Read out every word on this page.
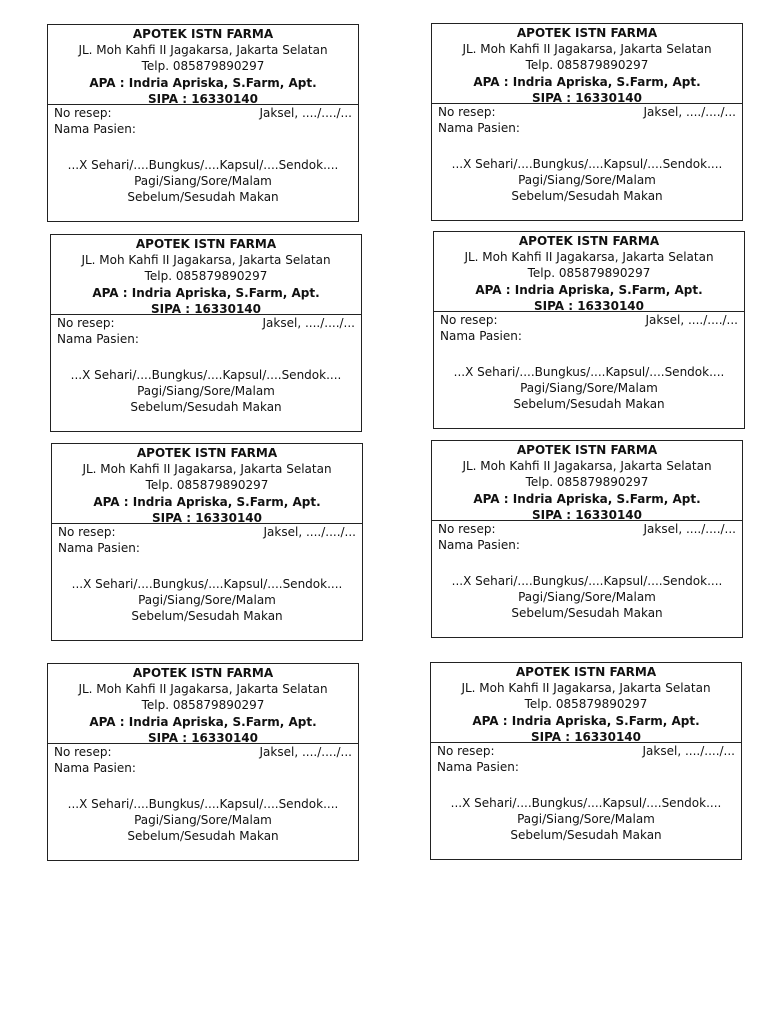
APOTEK ISTN FARMA
JL. Moh Kahfi II Jagakarsa, Jakarta Selatan
Telp. 085879890297
APA : Indria Apriska, S.Farm, Apt.
SIPA : 16330140
No resep:	Jaksel, ..../..../...
Nama Pasien:
...X Sehari/....Bungkus/....Kapsul/....Sendok....
Pagi/Siang/Sore/Malam
Sebelum/Sesudah Makan
APOTEK ISTN FARMA
JL. Moh Kahfi II Jagakarsa, Jakarta Selatan
Telp. 085879890297
APA : Indria Apriska, S.Farm, Apt.
SIPA : 16330140
No resep:	Jaksel, ..../..../...
Nama Pasien:
...X Sehari/....Bungkus/....Kapsul/....Sendok....
Pagi/Siang/Sore/Malam
Sebelum/Sesudah Makan
APOTEK ISTN FARMA
JL. Moh Kahfi II Jagakarsa, Jakarta Selatan
Telp. 085879890297
APA : Indria Apriska, S.Farm, Apt.
SIPA : 16330140
No resep:	Jaksel, ..../..../...
Nama Pasien:
...X Sehari/....Bungkus/....Kapsul/....Sendok....
Pagi/Siang/Sore/Malam
Sebelum/Sesudah Makan
APOTEK ISTN FARMA
JL. Moh Kahfi II Jagakarsa, Jakarta Selatan
Telp. 085879890297
APA : Indria Apriska, S.Farm, Apt.
SIPA : 16330140
No resep:	Jaksel, ..../..../...
Nama Pasien:
...X Sehari/....Bungkus/....Kapsul/....Sendok....
Pagi/Siang/Sore/Malam
Sebelum/Sesudah Makan
APOTEK ISTN FARMA
JL. Moh Kahfi II Jagakarsa, Jakarta Selatan
Telp. 085879890297
APA : Indria Apriska, S.Farm, Apt.
SIPA : 16330140
No resep:	Jaksel, ..../..../...
Nama Pasien:
...X Sehari/....Bungkus/....Kapsul/....Sendok....
Pagi/Siang/Sore/Malam
Sebelum/Sesudah Makan
APOTEK ISTN FARMA
JL. Moh Kahfi II Jagakarsa, Jakarta Selatan
Telp. 085879890297
APA : Indria Apriska, S.Farm, Apt.
SIPA : 16330140
No resep:	Jaksel, ..../..../...
Nama Pasien:
...X Sehari/....Bungkus/....Kapsul/....Sendok....
Pagi/Siang/Sore/Malam
Sebelum/Sesudah Makan
APOTEK ISTN FARMA
JL. Moh Kahfi II Jagakarsa, Jakarta Selatan
Telp. 085879890297
APA : Indria Apriska, S.Farm, Apt.
SIPA : 16330140
No resep:	Jaksel, ..../..../...
Nama Pasien:
...X Sehari/....Bungkus/....Kapsul/....Sendok....
Pagi/Siang/Sore/Malam
Sebelum/Sesudah Makan
APOTEK ISTN FARMA
JL. Moh Kahfi II Jagakarsa, Jakarta Selatan
Telp. 085879890297
APA : Indria Apriska, S.Farm, Apt.
SIPA : 16330140
No resep:	Jaksel, ..../..../...
Nama Pasien:
...X Sehari/....Bungkus/....Kapsul/....Sendok....
Pagi/Siang/Sore/Malam
Sebelum/Sesudah Makan
